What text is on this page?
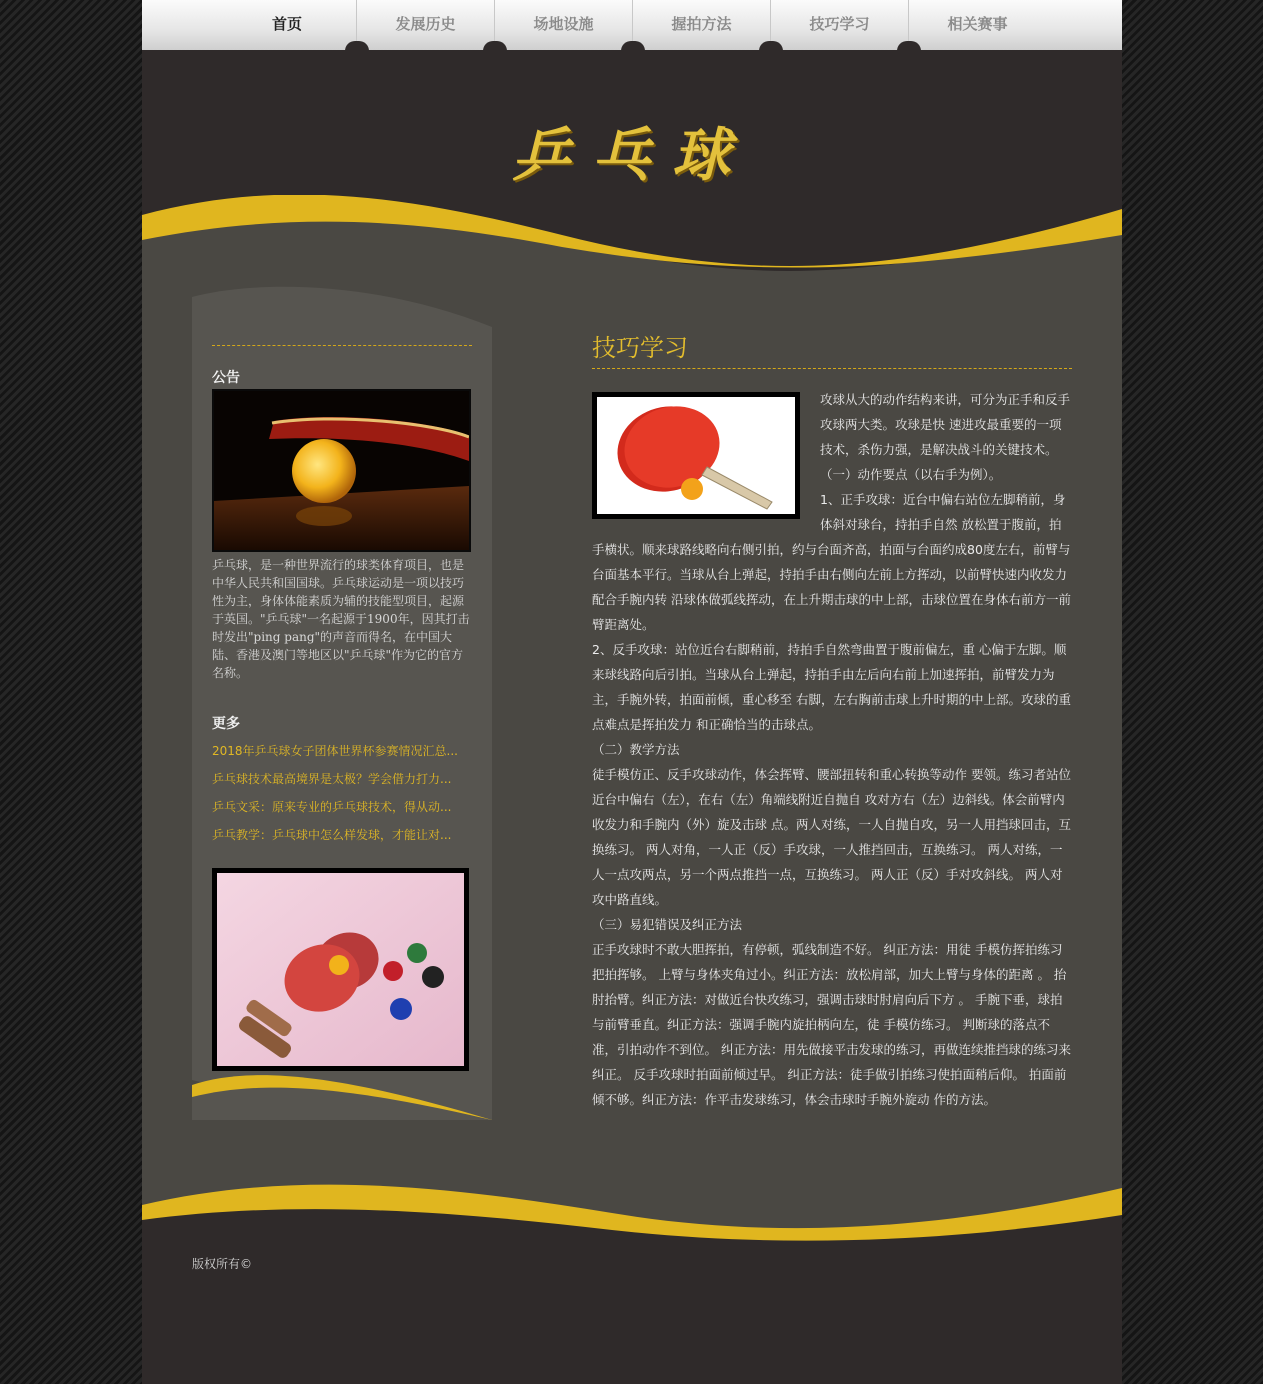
首页	发展历史	场地设施	握拍方法	技巧学习	相关赛事
乒乓球
公告
乒乓球，是一种世界流行的球类体育项目，也是中华人民共和国国球。乒乓球运动是一项以技巧性为主，身体体能素质为辅的技能型项目，起源于英国。"乒乓球"一名起源于1900年，因其打击时发出"ping pang"的声音而得名，在中国大陆、香港及澳门等地区以"乒乓球"作为它的官方名称。
更多
2018年乒乓球女子团体世界杯参赛情况汇总...
乒乓球技术最高境界是太极？学会借力打力...
乒乓文采：原来专业的乒乓球技术，得从动...
乒乓教学：乒乓球中怎么样发球，才能让对...
技巧学习

攻球从大的动作结构来讲，可分为正手和反手攻球两大类。攻球是快 速进攻最重要的一项技术，杀伤力强，是解决战斗的关键技术。

（一）动作要点（以右手为例）。

1、正手攻球：近台中偏右站位左脚稍前，身体斜对球台，持拍手自然 放松置于腹前，拍手横状。顺来球路线略向右侧引拍，约与台面齐高，拍面与台面约成80度左右，前臂与台面基本平行。当球从台上弹起，持拍手由右侧向左前上方挥动，以前臂快速内收发力配合手腕内转 沿球体做弧线挥动，在上升期击球的中上部，击球位置在身体右前方一前臂距离处。

2、反手攻球：站位近台右脚稍前，持拍手自然弯曲置于腹前偏左，重 心偏于左脚。顺来球线路向后引拍。当球从台上弹起，持拍手由左后向右前上加速挥拍，前臂发力为主，手腕外转，拍面前倾，重心移至 右脚，左右胸前击球上升时期的中上部。攻球的重点难点是挥拍发力 和正确恰当的击球点。

（二）教学方法

徒手模仿正、反手攻球动作，体会挥臂、腰部扭转和重心转换等动作 要领。练习者站位近台中偏右（左），在右（左）角端线附近自抛自 攻对方右（左）边斜线。体会前臂内收发力和手腕内（外）旋及击球 点。两人对练，一人自抛自攻，另一人用挡球回击，互换练习。 两人对角，一人正（反）手攻球，一人推挡回击，互换练习。 两人对练，一人一点攻两点，另一个两点推挡一点，互换练习。 两人正（反）手对攻斜线。 两人对攻中路直线。

（三）易犯错误及纠正方法

正手攻球时不敢大胆挥拍，有停顿，弧线制造不好。 纠正方法：用徒 手模仿挥拍练习把拍挥够。 上臂与身体夹角过小。纠正方法：放松肩部，加大上臂与身体的距离 。 抬肘抬臂。纠正方法：对做近台快攻练习，强调击球时肘肩向后下方 。 手腕下垂，球拍与前臂垂直。纠正方法：强调手腕内旋拍柄向左，徒 手模仿练习。 判断球的落点不准，引拍动作不到位。 纠正方法：用先做接平击发球的练习，再做连续推挡球的练习来纠正。 反手攻球时拍面前倾过早。 纠正方法：徒手做引拍练习使拍面稍后仰。 拍面前倾不够。纠正方法：作平击发球练习，体会击球时手腕外旋动 作的方法。

版权所有©
